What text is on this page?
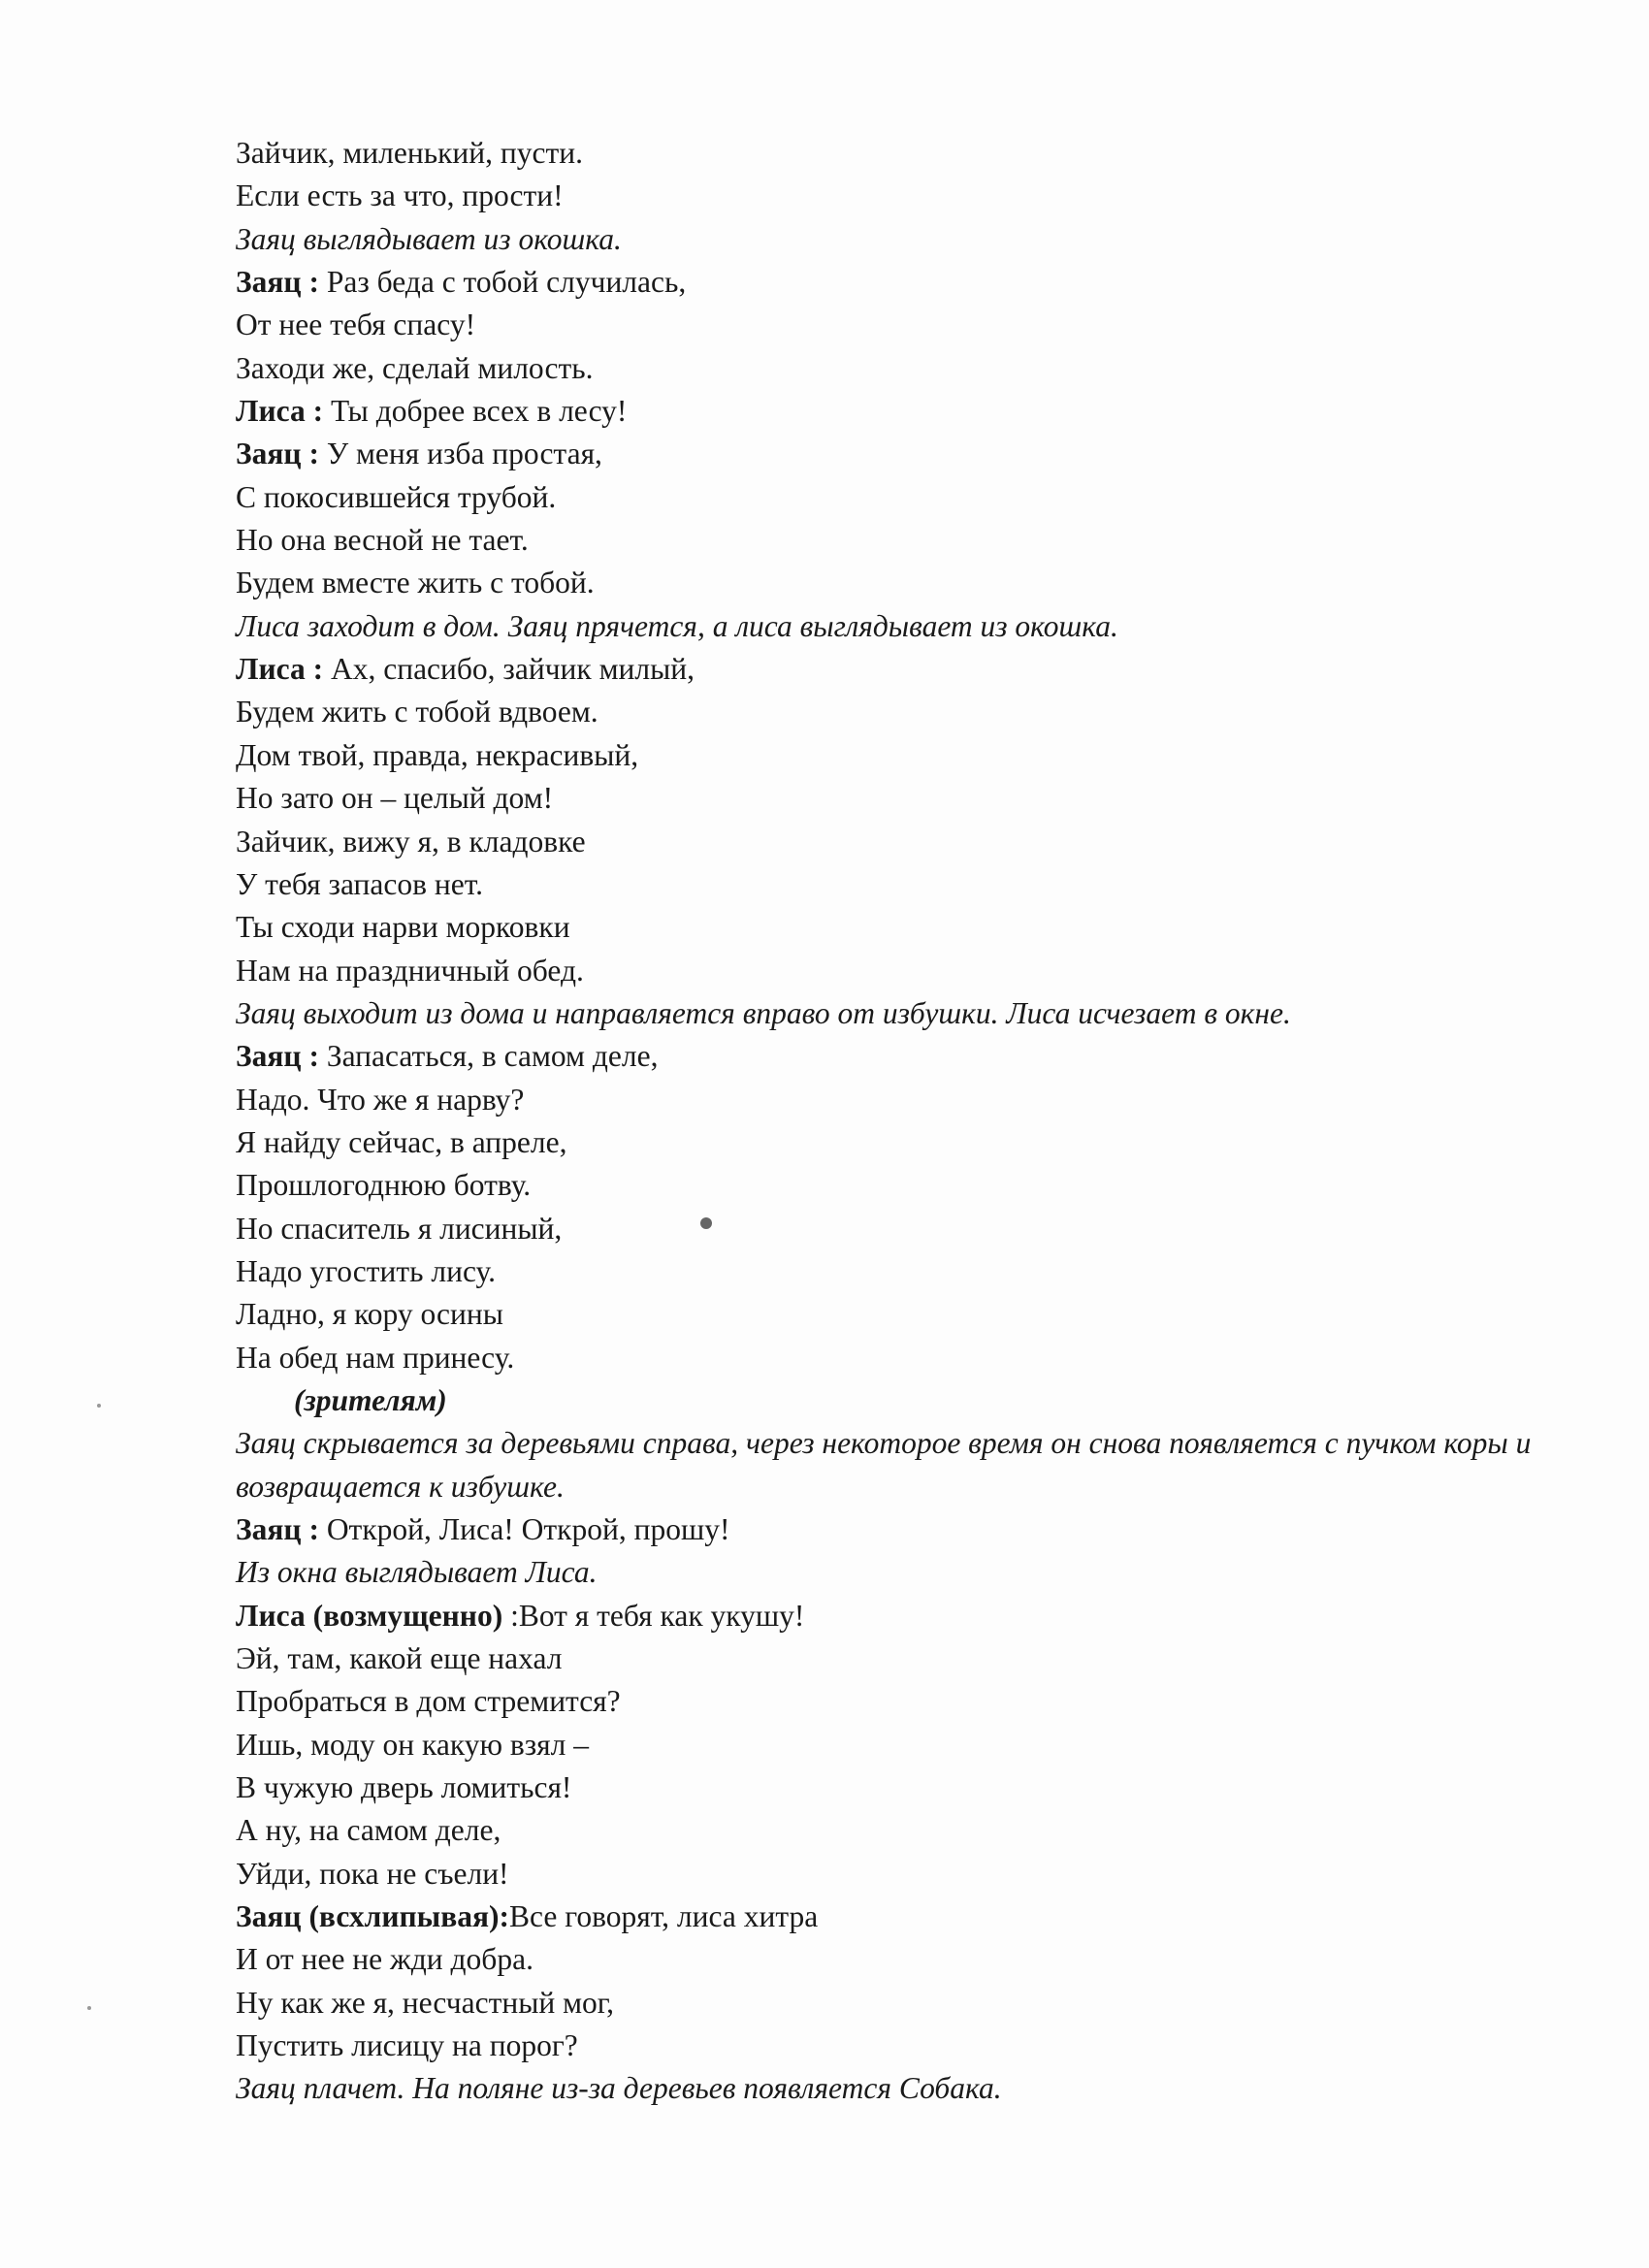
Зайчик, миленький, пусти.
Если есть за что, прости!
Заяц выглядывает из окошка.
Заяц : Раз беда с тобой случилась,
От нее тебя спасу!
Заходи же, сделай милость.
Лиса : Ты добрее всех в лесу!
Заяц : У меня изба простая,
С покосившейся трубой.
Но она весной не тает.
Будем вместе жить с тобой.
Лиса заходит в дом. Заяц прячется, а лиса выглядывает из окошка.
Лиса : Ах, спасибо, зайчик милый,
Будем жить с тобой вдвоем.
Дом твой, правда, некрасивый,
Но зато он – целый дом!
Зайчик, вижу я, в кладовке
У тебя запасов нет.
Ты сходи нарви морковки
Нам на праздничный обед.
Заяц выходит из дома и направляется вправо от избушки. Лиса исчезает в окне.
Заяц : Запасаться, в самом деле,
Надо. Что же я нарву?
Я найду сейчас, в апреле,
Прошлогоднюю ботву.
Но спаситель я лисиный,
Надо угостить лису.
Ладно, я кору осины
На обед нам принесу.
(зрителям)
Заяц скрывается за деревьями справа, через некоторое время он снова появляется с пучком коры и возвращается к избушке.
Заяц : Открой, Лиса! Открой, прошу!
Из окна выглядывает Лиса.
Лиса (возмущенно) :Вот я тебя как укушу!
Эй, там, какой еще нахал
Пробраться в дом стремится?
Ишь, моду он какую взял –
В чужую дверь ломиться!
А ну, на самом деле,
Уйди, пока не съели!
Заяц (всхлипывая):Все говорят, лиса хитра
И от нее не жди добра.
Ну как же я, несчастный мог,
Пустить лисицу на порог?
Заяц плачет. На поляне из-за деревьев появляется Собака.
